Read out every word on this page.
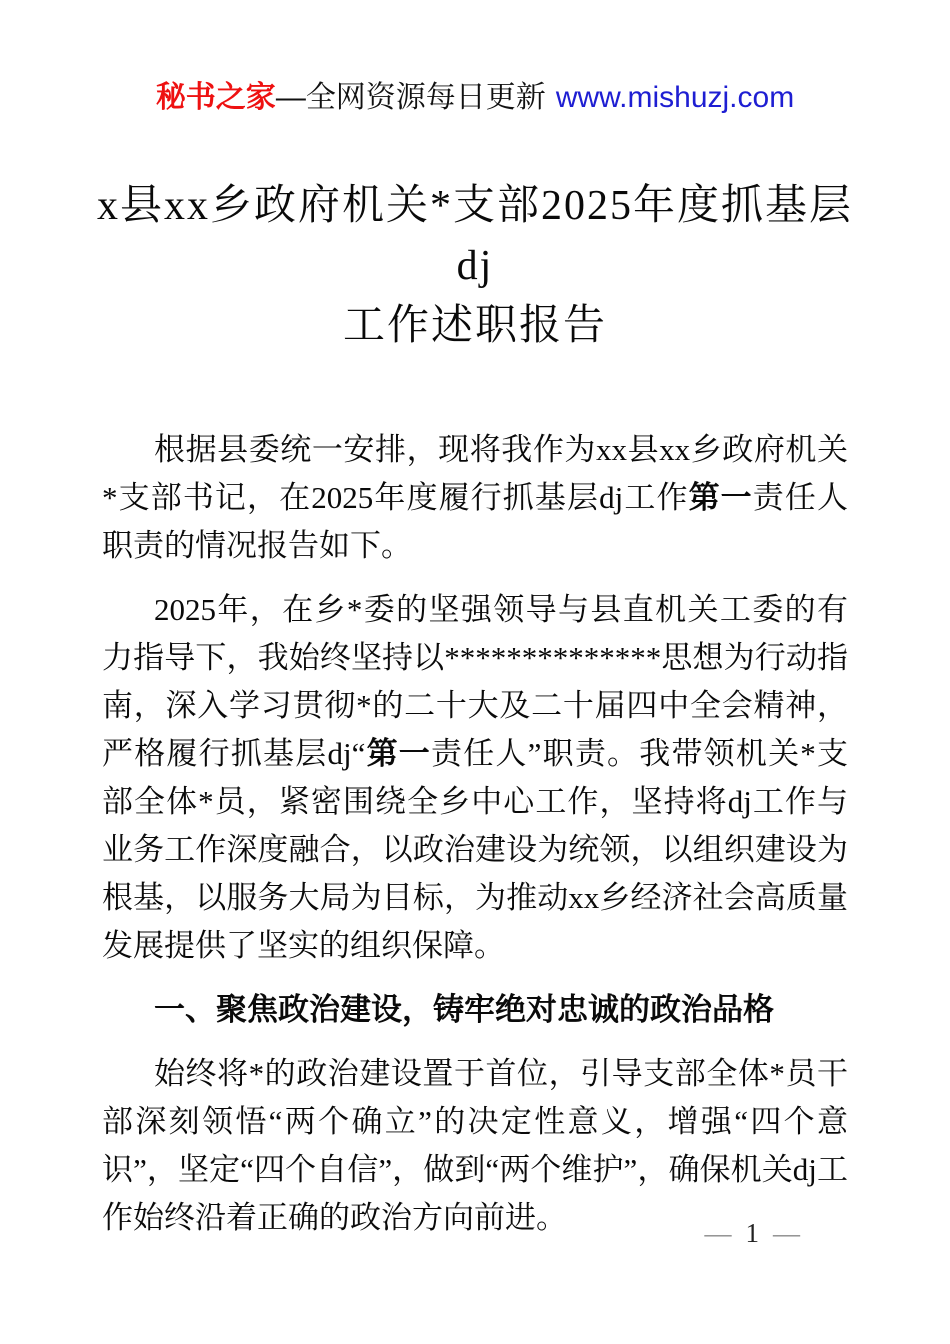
秘书之家—全网资源每日更新 www.mishuzj.com
x县xx乡政府机关*支部2025年度抓基层dj
工作述职报告

根据县委统一安排，现将我作为xx县xx乡政府机关*支部书记，在2025年度履行抓基层dj工作第一责任人职责的情况报告如下。

2025年，在乡*委的坚强领导与县直机关工委的有力指导下，我始终坚持以**************思想为行动指南，深入学习贯彻*的二十大及二十届四中全会精神，严格履行抓基层dj“第一责任人”职责。我带领机关*支部全体*员，紧密围绕全乡中心工作，坚持将dj工作与业务工作深度融合，以政治建设为统领，以组织建设为根基，以服务大局为目标，为推动xx乡经济社会高质量发展提供了坚实的组织保障。

一、聚焦政治建设，铸牢绝对忠诚的政治品格

始终将*的政治建设置于首位，引导支部全体*员干部深刻领悟“两个确立”的决定性意义，增强“四个意识”，坚定“四个自信”，做到“两个维护”，确保机关dj工作始终沿着正确的政治方向前进。	— 1 —
